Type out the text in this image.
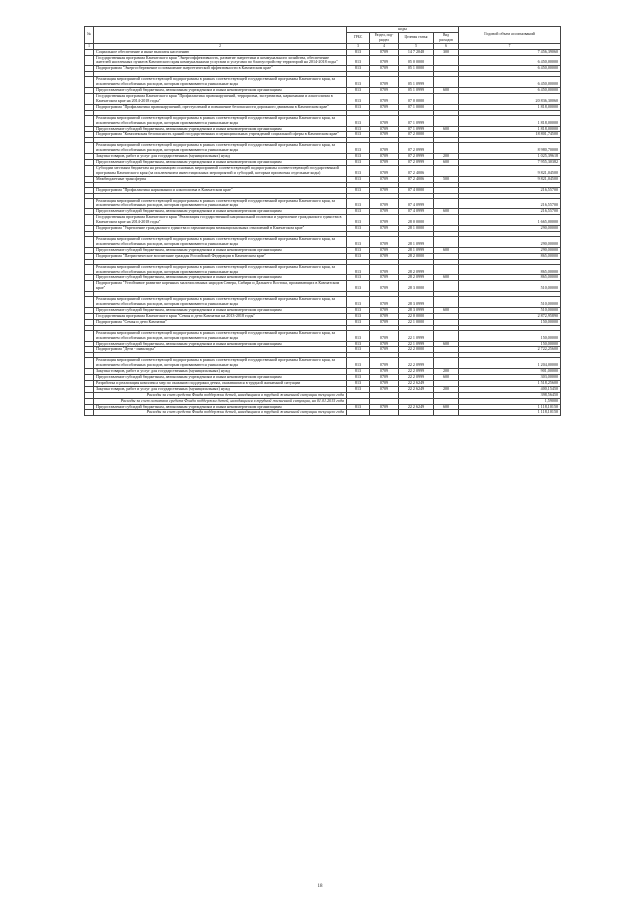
№		коды				Годовой объем ассигнований
		ГРБС	Раздел, под-раздел	Целевая статья	Вид расходов	
1	2	3	4	5	6	7
	Социальное обеспечение и иные выплаты населению	813	0709	14 7 2048	300	7 456,39060
	Государственная программа Камчатского края "Энергоэффективность, развитие энергетики и коммунального хозяйства, обеспечение жителей населенных пунктов Камчатского края коммунальными услугами и услугами по благоустройству территорий на 2014-2018 годы"	813	0709	05 0 0000		6 450,00000
	Подпрограмма "Энергосбережение и повышение энергетической эффективности в Камчатском крае"	813	0709	05 1 0000		6 450,00000

	Реализация мероприятий соответствующей подпрограммы в рамках соответствующей государственной программы Камчатского края, за исключением обособленных расходов, которым присваиваются уникальные коды	813	0709	05 1 0999		6 450,00000
	Предоставление субсидий бюджетным, автономным учреждениям и иным некоммерческим организациям	813	0709	05 1 0999	600	6 450,00000
	Государственная программа Камчатского края "Профилактика правонарушений, терроризма, экстремизма, наркомании и алкоголизма в Камчатском крае на 2014-2018 годы"	813	0709	07 0 0000		20 836,30060
	Подпрограмма "Профилактика правонарушений, преступлений и повышение безопасности дорожного движения в Камчатском крае"	813	0709	07 1 0000		1 818,00000

	Реализация мероприятий соответствующей подпрограммы в рамках соответствующей государственной программы Камчатского края, за исключением обособленных расходов, которым присваиваются уникальные коды	813	0709	07 1 0999		1 818,00000
	Предоставление субсидий бюджетным, автономным учреждениям и иным некоммерческим организациям	813	0709	07 1 0999	600	1 818,00000
	Подпрограмма "Комплексная безопасность зданий государственных и муниципальных учреждений социальной сферы в Камчатском крае"	813	0709	07 2 0000		18 801,74500

	Реализация мероприятий соответствующей подпрограммы в рамках соответствующей государственной программы Камчатского края, за исключением обособленных расходов, которым присваиваются уникальные коды	813	0709	07 2 0999		8 980,70000
	Закупка товаров, работ и услуг для государственных (муниципальных) нужд	813	0709	07 2 0999	200	1 025,39618
	Предоставление субсидий бюджетным, автономным учреждениям и иным некоммерческим организациям	813	0709	07 2 0999	600	7 955,30382
	Субсидии местным бюджетам на реализацию основных мероприятий соответствующей подпрограммы соответствующей государственной программы Камчатского края (за исключением инвестиционных мероприятий и субсидий, которым присвоены отдельные коды)	813	0709	07 2 4006		9 821,04500
	Межбюджетные трансферты	813	0709	07 2 4006	500	9 821,04500

	Подпрограмма "Профилактика наркомании и алкоголизма в Камчатском крае"	813	0709	07 4 0000		216,55700

	Реализация мероприятий соответствующей подпрограммы в рамках соответствующей государственной программы Камчатского края, за исключением обособленных расходов, которым присваиваются уникальные коды	813	0709	07 4 0999		216,55700
	Предоставление субсидий бюджетным, автономным учреждениям и иным некоммерческим организациям	813	0709	07 4 0999	600	216,55700
	Государственная программа Камчатского края "Реализация государственной национальной политики и укрепление гражданского единства в Камчатском крае на 2014-2018 годы"	813	0709	28 0 0000		1 665,00000
	Подпрограмма "Укрепление гражданского единства и гармонизация межнациональных отношений в Камчатском крае"	813	0709	28 1 0000		290,00000

	Реализация мероприятий соответствующей подпрограммы в рамках соответствующей государственной программы Камчатского края, за исключением обособленных расходов, которым присваиваются уникальные коды	813	0709	28 1 0999		290,00000
	Предоставление субсидий бюджетным, автономным учреждениям и иным некоммерческим организациям	813	0709	28 1 0999	600	290,00000
	Подпрограмма "Патриотическое воспитание граждан Российской Федерации в Камчатском крае"	813	0709	28 2 0000		865,00000

	Реализация мероприятий соответствующей подпрограммы в рамках соответствующей государственной программы Камчатского края, за исключением обособленных расходов, которым присваиваются уникальные коды	813	0709	28 2 0999		865,00000
	Предоставление субсидий бюджетным, автономным учреждениям и иным некоммерческим организациям	813	0709	28 2 0999	600	865,00000
	Подпрограмма "Устойчивое развитие коренных малочисленных народов Севера, Сибири и Дальнего Востока, проживающих в Камчатском крае"	813	0709	28 3 0000		510,00000

	Реализация мероприятий соответствующей подпрограммы в рамках соответствующей государственной программы Камчатского края, за исключением обособленных расходов, которым присваиваются уникальные коды	813	0709	28 3 0999		510,00000
	Предоставление субсидий бюджетным, автономным учреждениям и иным некоммерческим организациям	813	0709	28 3 0999	600	510,00000
	Государственная программа Камчатского края "Семья и дети Камчатки на 2013-2018 годы"	813	0709	22 0 0000		2 872,95890
	Подпрограмма "Семья и дети Камчатки"	813	0709	22 1 0000		150,00000

	Реализация мероприятий соответствующей подпрограммы в рамках соответствующей государственной программы Камчатского края, за исключением обособленных расходов, которым присваиваются уникальные коды	813	0709	22 1 0999		150,00000
	Предоставление субсидий бюджетным, автономным учреждениям и иным некоммерческим организациям	813	0709	22 1 0999	600	150,00000
	Подпрограмма "Дети - инвалиды"	813	0709	22 2 0000		2 722,25600

	Реализация мероприятий соответствующей подпрограммы в рамках соответствующей государственной программы Камчатского края, за исключением обособленных расходов, которым присваиваются уникальные коды	813	0709	22 2 0999		1 204,00000
	Закупка товаров, работ и услуг для государственных (муниципальных) нужд	813	0709	22 2 0999	200	901,00000
	Предоставление субсидий бюджетным, автономным учреждениям и иным некоммерческим организациям	813	0709	22 2 0999	600	303,00000
	Разработка и реализация комплекса мер по оказанию поддержки детям, оказавшимся в трудной жизненной ситуации	813	0709	22 2 6249		1 518,25600
	Закупка товаров, работ и услуг для государственных (муниципальных) нужд	813	0709	22 2 6249	200	400,15450
	Расходы за счет средств Фонда поддержки детей, находящихся в трудной жизненной ситуации текущего года					398,56450
	Расходы за счет остатков средств Фонда поддержки детей, находящихся в трудной жизненной ситуации, на 01.01.2015 года					1,59000
	Предоставление субсидий бюджетным, автономным учреждениям и иным некоммерческим организациям	813	0709	22 2 6249	600	1 118,10150
	Расходы за счет средств Фонда поддержки детей, находящихся в трудной жизненной ситуации текущего года					1 118,10150
18
